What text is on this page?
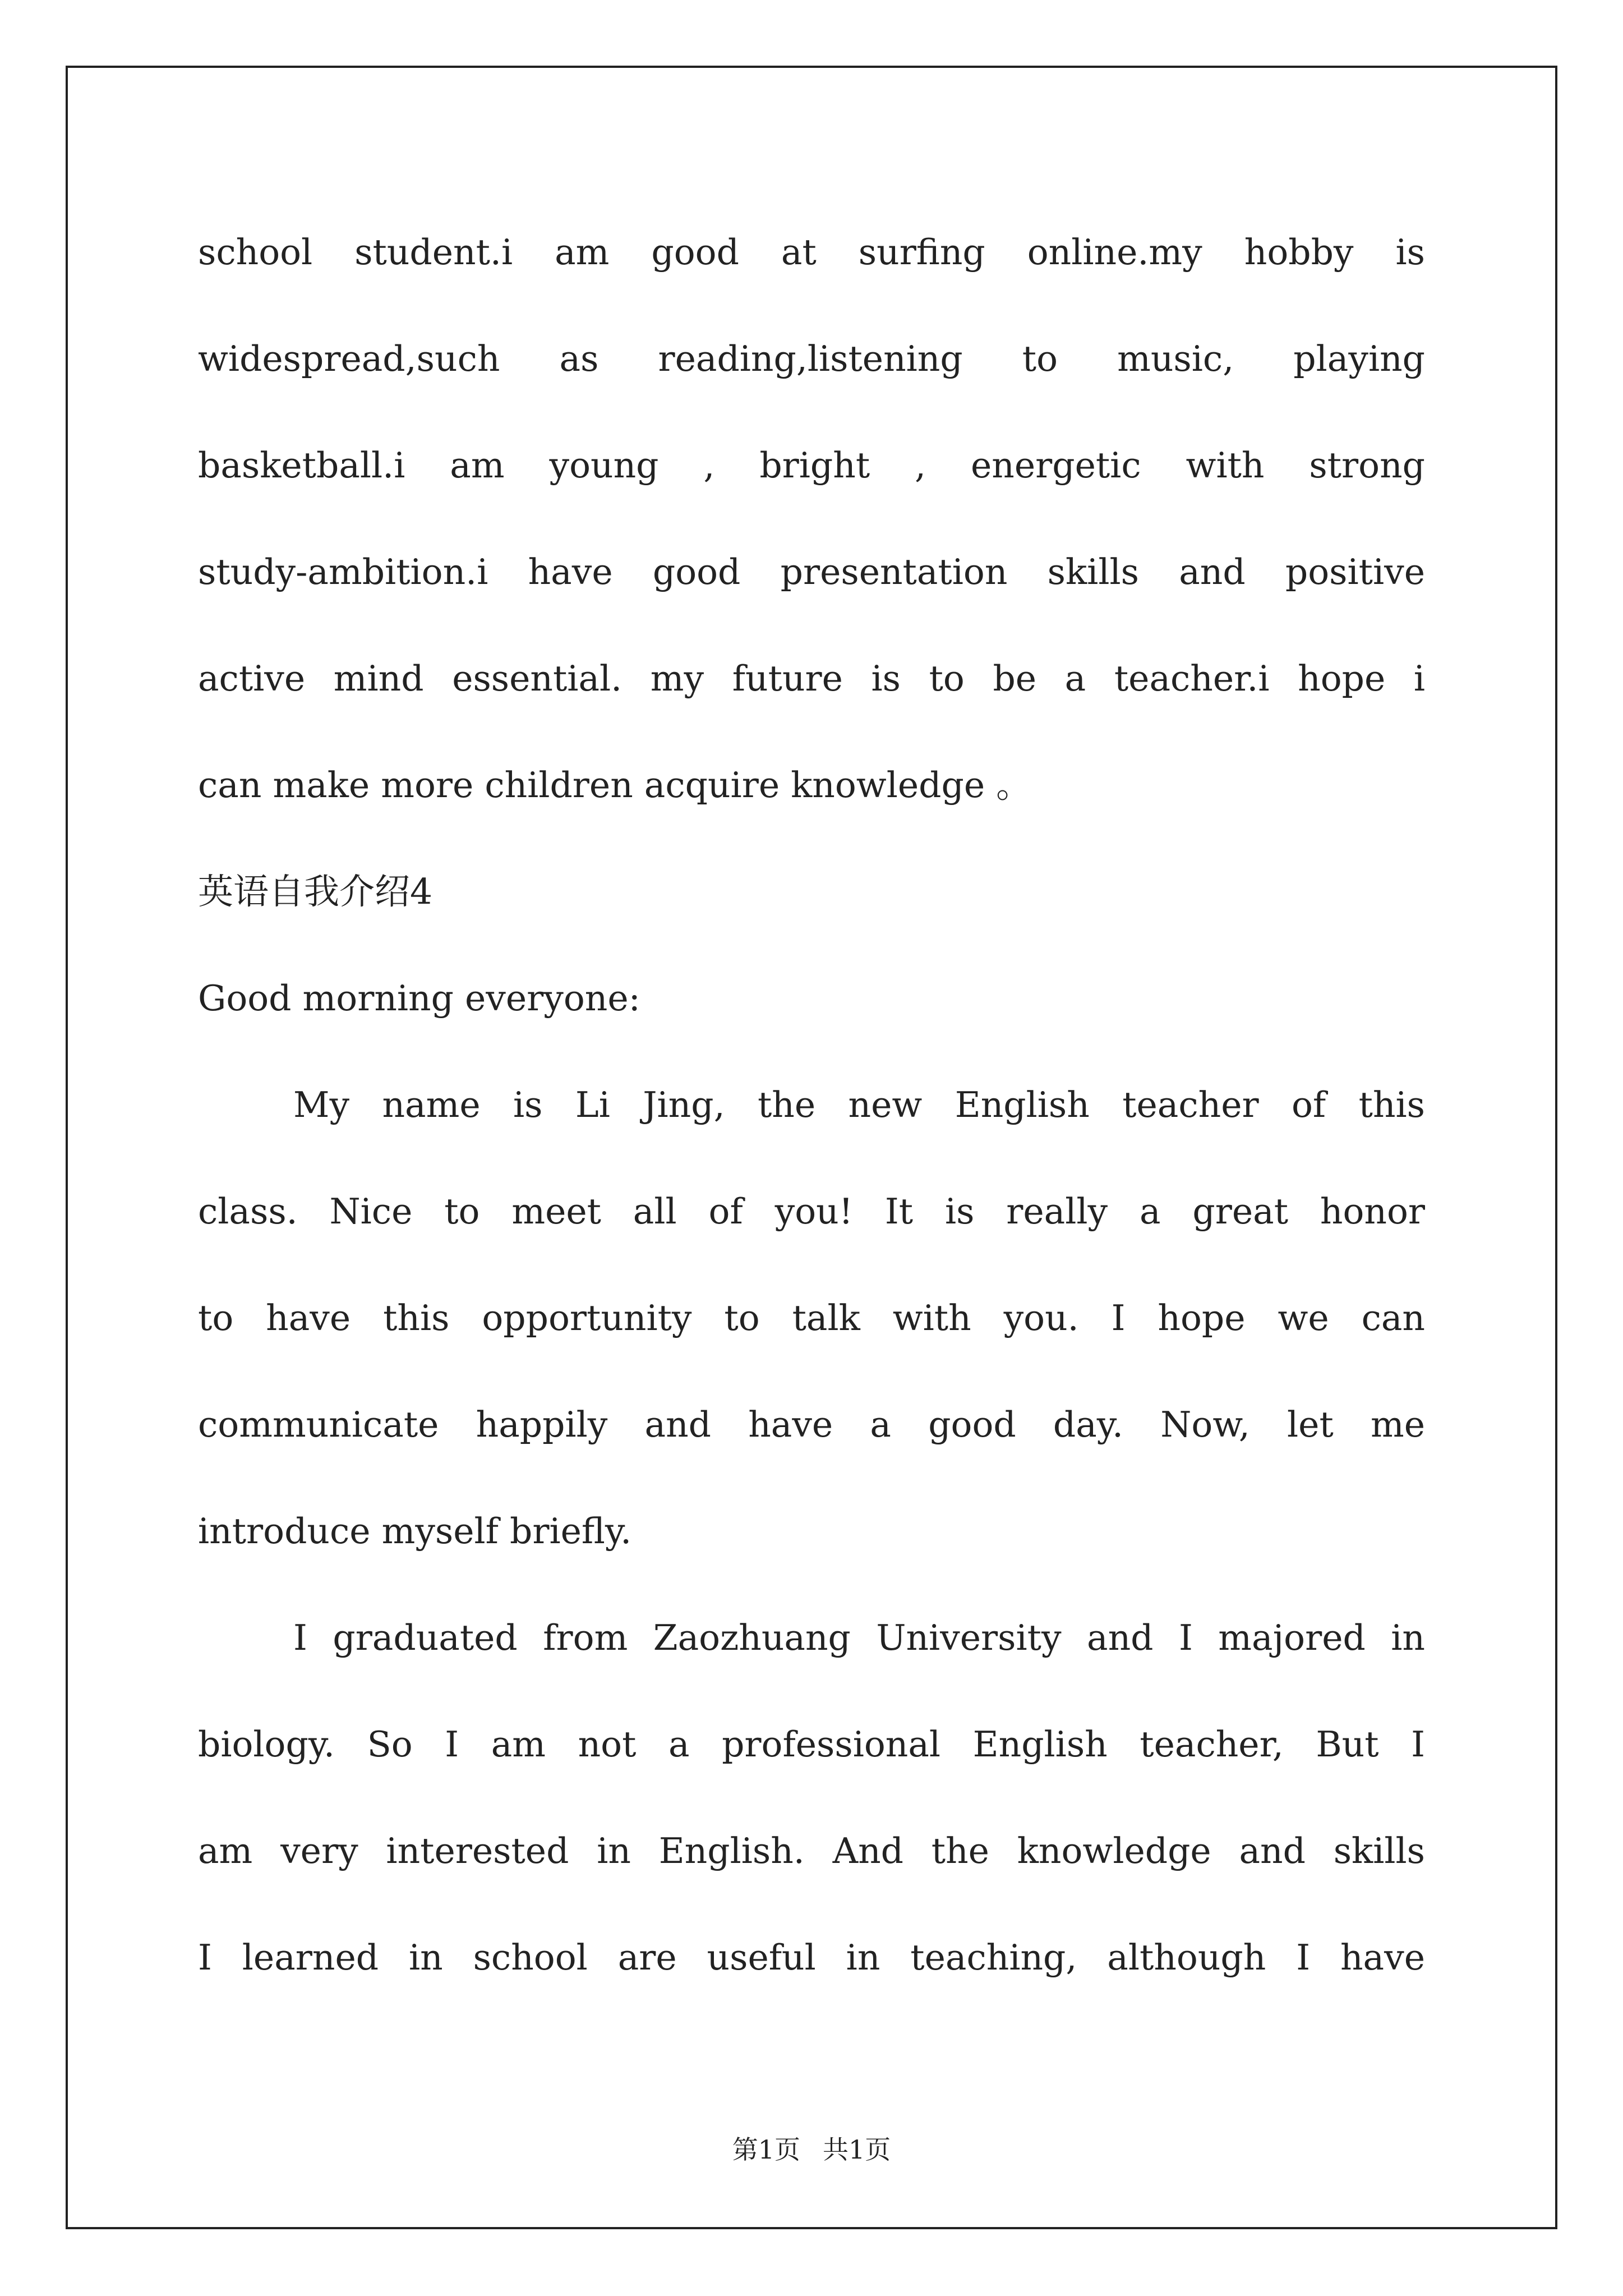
school student.i am good at surfing online.my hobby is
widespread,such as reading,listening to music, playing
basketball.i am young , bright , energetic with strong
study-ambition.i have good presentation skills and positive
active mind essential. my future is to be a teacher.i hope i
can make more children acquire knowledge 。
英语自我介绍4
Good morning everyone:
My name is Li Jing, the new English teacher of this
class. Nice to meet all of you! It is really a great honor
to have this opportunity to talk with you. I hope we can
communicate happily and have a good day. Now, let me
introduce myself briefly.
I graduated from Zaozhuang University and I majored in
biology. So I am not a professional English teacher, But I
am very interested in English. And the knowledge and skills
I learned in school are useful in teaching, although I have
第1页 共1页
